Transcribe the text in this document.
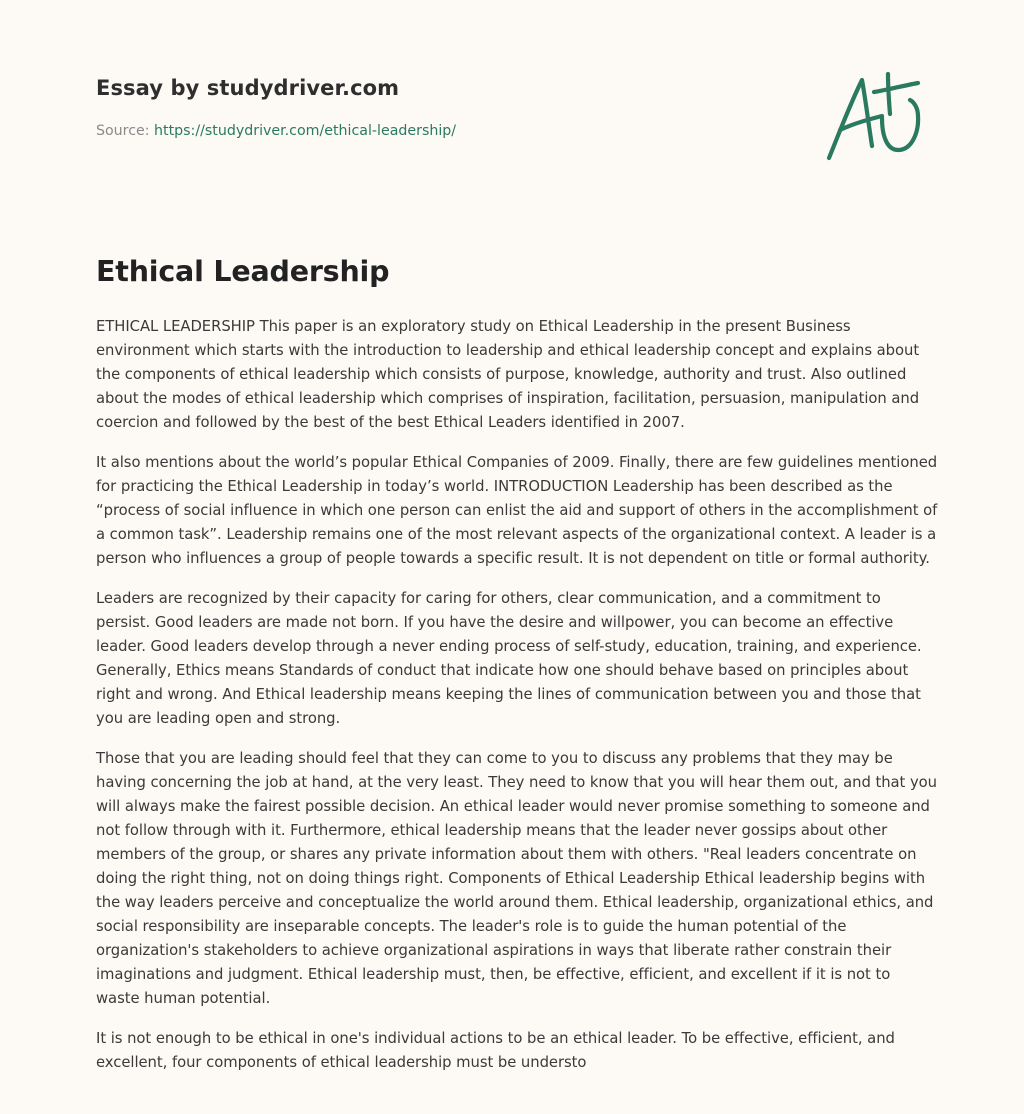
Essay by studydriver.com
Source: https://studydriver.com/ethical-leadership/
Ethical Leadership

ETHICAL LEADERSHIP This paper is an exploratory study on Ethical Leadership in the present Business environment which starts with the introduction to leadership and ethical leadership concept and explains about the components of ethical leadership which consists of purpose, knowledge, authority and trust. Also outlined about the modes of ethical leadership which comprises of inspiration, facilitation, persuasion, manipulation and coercion and followed by the best of the best Ethical Leaders identified in 2007.

It also mentions about the world’s popular Ethical Companies of 2009. Finally, there are few guidelines mentioned for practicing the Ethical Leadership in today’s world. INTRODUCTION Leadership has been described as the “process of social influence in which one person can enlist the aid and support of others in the accomplishment of a common task”. Leadership remains one of the most relevant aspects of the organizational context. A leader is a person who influences a group of people towards a specific result. It is not dependent on title or formal authority.

Leaders are recognized by their capacity for caring for others, clear communication, and a commitment to persist. Good leaders are made not born. If you have the desire and willpower, you can become an effective leader. Good leaders develop through a never ending process of self-study, education, training, and experience. Generally, Ethics means Standards of conduct that indicate how one should behave based on principles about right and wrong. And Ethical leadership means keeping the lines of communication between you and those that you are leading open and strong.

Those that you are leading should feel that they can come to you to discuss any problems that they may be having concerning the job at hand, at the very least. They need to know that you will hear them out, and that you will always make the fairest possible decision. An ethical leader would never promise something to someone and not follow through with it. Furthermore, ethical leadership means that the leader never gossips about other members of the group, or shares any private information about them with others. "Real leaders concentrate on doing the right thing, not on doing things right. Components of Ethical Leadership Ethical leadership begins with the way leaders perceive and conceptualize the world around them. Ethical leadership, organizational ethics, and social responsibility are inseparable concepts. The leader's role is to guide the human potential of the organization's stakeholders to achieve organizational aspirations in ways that liberate rather constrain their imaginations and judgment. Ethical leadership must, then, be effective, efficient, and excellent if it is not to waste human potential.

It is not enough to be ethical in one's individual actions to be an ethical leader. To be effective, efficient, and excellent, four components of ethical leadership must be understo
